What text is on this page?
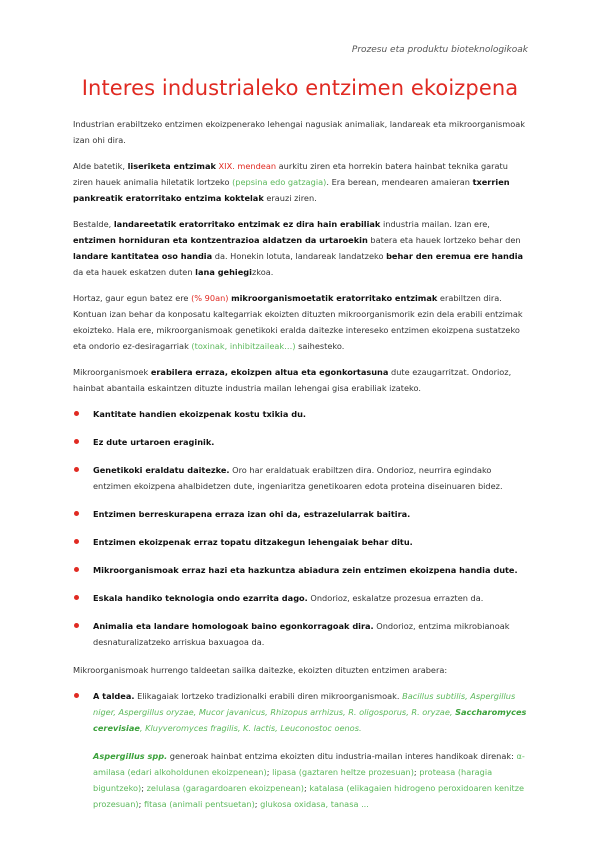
Prozesu eta produktu bioteknologikoak
Interes industrialeko entzimen ekoizpena

Industrian erabiltzeko entzimen ekoizpenerako lehengai nagusiak animaliak, landareak eta mikroorganismoak izan ohi dira.

Alde batetik, liseriketa entzimak XIX. mendean aurkitu ziren eta horrekin batera hainbat teknika garatu ziren hauek animalia hiletatik lortzeko (pepsina edo gatzagia). Era berean, mendearen amaieran txerrien pankreatik eratorritako entzima koktelak erauzi ziren.

Bestalde, landareetatik eratorritako entzimak ez dira hain erabiliak industria mailan. Izan ere, entzimen horniduran eta kontzentrazioa aldatzen da urtaroekin batera eta hauek lortzeko behar den landare kantitatea oso handia da. Honekin lotuta, landareak landatzeko behar den eremua ere handia da eta hauek eskatzen duten lana gehiegizkoa.

Hortaz, gaur egun batez ere (% 90an) mikroorganismoetatik eratorritako entzimak erabiltzen dira. Kontuan izan behar da konposatu kaltegarriak ekoizten dituzten mikroorganismorik ezin dela erabili entzimak ekoizteko. Hala ere, mikroorganismoak genetikoki eralda daitezke intereseko entzimen ekoizpena sustatzeko eta ondorio ez-desiragarriak (toxinak, inhibitzaileak…) saihesteko.

Mikroorganismoek erabilera erraza, ekoizpen altua eta egonkortasuna dute ezaugarritzat. Ondorioz, hainbat abantaila eskaintzen dituzte industria mailan lehengai gisa erabiliak izateko.

Kantitate handien ekoizpenak kostu txikia du.
Ez dute urtaroen eraginik.
Genetikoki eraldatu daitezke. Oro har eraldatuak erabiltzen dira. Ondorioz, neurrira egindako entzimen ekoizpena ahalbidetzen dute, ingeniaritza genetikoaren edota proteina diseinuaren bidez.
Entzimen berreskurapena erraza izan ohi da, estrazelularrak baitira.
Entzimen ekoizpenak erraz topatu ditzakegun lehengaiak behar ditu.
Mikroorganismoak erraz hazi eta hazkuntza abiadura zein entzimen ekoizpena handia dute.
Eskala handiko teknologia ondo ezarrita dago. Ondorioz, eskalatze prozesua errazten da.
Animalia eta landare homologoak baino egonkorragoak dira. Ondorioz, entzima mikrobianoak desnaturalizatzeko arriskua baxuagoa da.

Mikroorganismoak hurrengo taldeetan sailka daitezke, ekoizten dituzten entzimen arabera:

A taldea. Elikagaiak lortzeko tradizionalki erabili diren mikroorganismoak. Bacillus subtilis, Aspergillus niger, Aspergillus oryzae, Mucor javanicus, Rhizopus arrhizus, R. oligosporus, R. oryzae, Saccharomyces cerevisiae, Kluyveromyces fragilis, K. lactis, Leuconostoc oenos.

Aspergillus spp. generoak hainbat entzima ekoizten ditu industria-mailan interes handikoak direnak: α-amilasa (edari alkoholdunen ekoizpenean); lipasa (gaztaren heltze prozesuan); proteasa (haragia biguntzeko); zelulasa (garagardoaren ekoizpenean); katalasa (elikagaien hidrogeno peroxidoaren kenitze prozesuan); fitasa (animali pentsuetan); glukosa oxidasa, tanasa ...
